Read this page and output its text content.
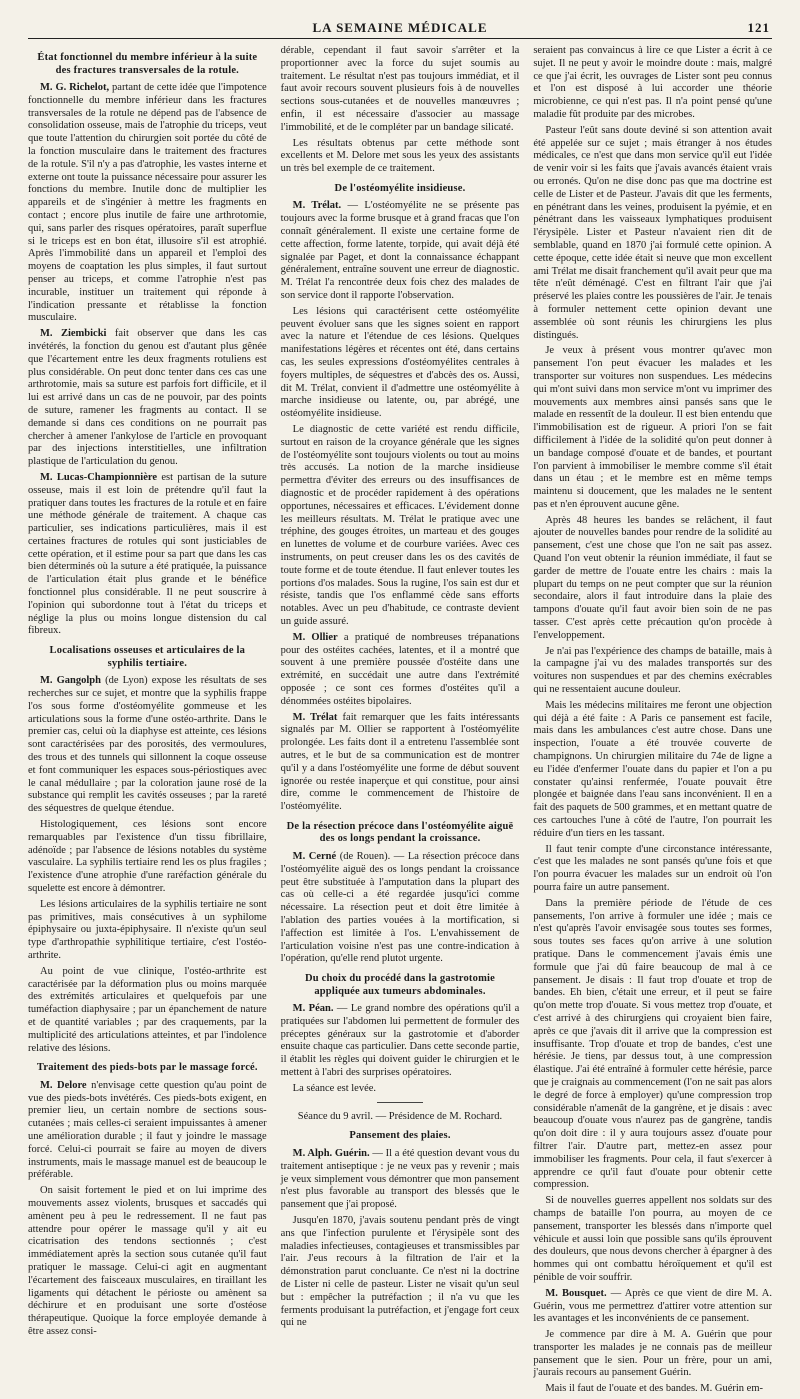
LA SEMAINE MÉDICALE	121
État fonctionnel du membre inférieur à la suite des fractures transversales de la rotule.

M. G. Richelot, partant de cette idée que l'impotence fonctionnelle du membre inférieur dans les fractures transversales de la rotule ne dépend pas de l'absence de consolidation osseuse, mais de l'atrophie du triceps, veut que toute l'attention du chirurgien soit portée du côté de la fonction musculaire dans le traitement des fractures de la rotule. S'il n'y a pas d'atrophie, les vastes interne et externe ont toute la puissance nécessaire pour assurer les fonctions du membre. Inutile donc de multiplier les appareils et de s'ingénier à mettre les fragments en contact ; encore plus inutile de faire une arthrotomie, qui, sans parler des risques opératoires, paraît superflue si le triceps est en bon état, illusoire s'il est atrophié. Après l'immobilité dans un appareil et l'emploi des moyens de coaptation les plus simples, il faut surtout penser au triceps, et comme l'atrophie n'est pas incurable, instituer un traitement qui réponde à l'indication pressante et rétablisse la fonction musculaire.

M. Ziembicki fait observer que dans les cas invétérés, la fonction du genou est d'autant plus gênée que l'écartement entre les deux fragments rotuliens est plus considérable. On peut donc tenter dans ces cas une arthrotomie, mais sa suture est parfois fort difficile, et il lui est arrivé dans un cas de ne pouvoir, par des points de suture, ramener les fragments au contact. Il se demande si dans ces conditions on ne pourrait pas chercher à amener l'ankylose de l'article en provoquant par des injections interstitielles, une infiltration plastique de l'articulation du genou.

M. Lucas-Championnière est partisan de la suture osseuse, mais il est loin de prétendre qu'il faut la pratiquer dans toutes les fractures de la rotule et en faire une méthode générale de traitement. A chaque cas particulier, ses indications particulières, mais il est certaines fractures de rotules qui sont justiciables de cette opération, et il estime pour sa part que dans les cas bien déterminés où la suture a été pratiquée, la puissance de l'articulation était plus grande et le bénéfice fonctionnel plus considérable. Il ne peut souscrire à l'opinion qui subordonne tout à l'état du triceps et néglige la plus ou moins longue distension du cal fibreux.

Localisations osseuses et articulaires de la syphilis tertiaire.

M. Gangolph (de Lyon) expose les résultats de ses recherches sur ce sujet, et montre que la syphilis frappe l'os sous forme d'ostéomyélite gommeuse et les articulations sous la forme d'une ostéo-arthrite. Dans le premier cas, celui où la diaphyse est atteinte, ces lésions sont caractérisées par des porosités, des vermoulures, des trous et des tunnels qui sillonnent la coque osseuse et font communiquer les espaces sous-périostiques avec le canal médullaire ; par la coloration jaune rosé de la substance qui remplit les cavités osseuses ; par la rareté des séquestres de quelque étendue.

Histologiquement, ces lésions sont encore remarquables par l'existence d'un tissu fibrillaire, adénoïde ; par l'absence de lésions notables du système vasculaire. La syphilis tertiaire rend les os plus fragiles ; l'existence d'une atrophie d'une raréfaction générale du squelette est encore à démontrer.

Les lésions articulaires de la syphilis tertiaire ne sont pas primitives, mais consécutives à un syphilome épiphysaire ou juxta-épiphysaire. Il n'existe qu'un seul type d'arthropathie syphilitique tertiaire, c'est l'ostéo-arthrite.

Au point de vue clinique, l'ostéo-arthrite est caractérisée par la déformation plus ou moins marquée des extrémités articulaires et quelquefois par une tuméfaction diaphysaire ; par un épanchement de nature et de quantité variables ; par des craquements, par la multiplicité des articulations atteintes, et par l'indolence relative des lésions.

Traitement des pieds-bots par le massage forcé.

M. Delore n'envisage cette question qu'au point de vue des pieds-bots invétérés. Ces pieds-bots exigent, en premier lieu, un certain nombre de sections sous-cutanées ; mais celles-ci seraient impuissantes à amener une amélioration durable ; il faut y joindre le massage forcé. Celui-ci pourrait se faire au moyen de divers instruments, mais le massage manuel est de beaucoup le préférable.

On saisit fortement le pied et on lui imprime des mouvements assez violents, brusques et saccadés qui amènent peu à peu le redressement. Il ne faut pas attendre pour opérer le massage qu'il y ait eu cicatrisation des tendons sectionnés ; c'est immédiatement après la section sous cutanée qu'il faut pratiquer le massage. Celui-ci agit en augmentant l'écartement des faisceaux musculaires, en tiraillant les ligaments qui détachent le périoste ou amènent sa déchirure et en produisant une sorte d'ostéose thérapeutique. Quoique la force employée demande à être assez consi-

dérable, cependant il faut savoir s'arrêter et la proportionner avec la force du sujet soumis au traitement. Le résultat n'est pas toujours immédiat, et il faut avoir recours souvent plusieurs fois à de nouvelles sections sous-cutanées et de nouvelles manœuvres ; enfin, il est nécessaire d'associer au massage l'immobilité, et de le compléter par un bandage silicaté.

Les résultats obtenus par cette méthode sont excellents et M. Delore met sous les yeux des assistants un très bel exemple de ce traitement.

De l'ostéomyélite insidieuse.

M. Trélat. — L'ostéomyélite ne se présente pas toujours avec la forme brusque et à grand fracas que l'on connaît généralement. Il existe une certaine forme de cette affection, forme latente, torpide, qui avait déjà été signalée par Paget, et dont la connaissance échappant généralement, entraîne souvent une erreur de diagnostic. M. Trélat l'a rencontrée deux fois chez des malades de son service dont il rapporte l'observation.

Les lésions qui caractérisent cette ostéomyélite peuvent évoluer sans que les signes soient en rapport avec la nature et l'étendue de ces lésions. Quelques manifestations légères et récentes ont été, dans certains cas, les seules expressions d'ostéomyélites centrales à foyers multiples, de séquestres et d'abcès des os. Aussi, dit M. Trélat, convient il d'admettre une ostéomyélite à marche insidieuse ou latente, ou, par abrégé, une ostéomyélite insidieuse.

Le diagnostic de cette variété est rendu difficile, surtout en raison de la croyance générale que les signes de l'ostéomyélite sont toujours violents ou tout au moins très accusés. La notion de la marche insidieuse permettra d'éviter des erreurs ou des insuffisances de diagnostic et de procéder rapidement à des opérations opportunes, nécessaires et efficaces. L'évidement donne les meilleurs résultats. M. Trélat le pratique avec une tréphine, des gouges étroites, un marteau et des gouges en lunettes de volume et de courbure variées. Avec ces instruments, on peut creuser dans les os des cavités de toute forme et de toute étendue. Il faut enlever toutes les portions d'os malades. Sous la rugine, l'os sain est dur et résiste, tandis que l'os enflammé cède sans efforts notables. Avec un peu d'habitude, ce contraste devient un guide assuré.

M. Ollier a pratiqué de nombreuses trépanations pour des ostéites cachées, latentes, et il a montré que souvent à une première poussée d'ostéite dans une extrémité, en succédait une autre dans l'extrémité opposée ; ce sont ces formes d'ostéites qu'il a dénommées ostéites bipolaires.

M. Trélat fait remarquer que les faits intéressants signalés par M. Ollier se rapportent à l'ostéomyélite prolongée. Les faits dont il a entretenu l'assemblée sont autres, et le but de sa communication est de montrer qu'il y a dans l'ostéomyélite une forme de début souvent ignorée ou restée inaperçue et qui constitue, pour ainsi dire, comme le commencement de l'histoire de l'ostéomyélite.

De la résection précoce dans l'ostéomyélite aiguë des os longs pendant la croissance.

M. Cerné (de Rouen). — La résection précoce dans l'ostéomyélite aiguë des os longs pendant la croissance peut être substituée à l'amputation dans la plupart des cas où celle-ci a été regardée jusqu'ici comme nécessaire. La résection peut et doit être limitée à l'ablation des parties vouées à la mortification, si l'affection est limitée à l'os. L'envahissement de l'articulation voisine n'est pas une contre-indication à l'opération, qu'elle rend plutot urgente.

Du choix du procédé dans la gastrotomie appliquée aux tumeurs abdominales.

M. Péan. — Le grand nombre des opérations qu'il a pratiquées sur l'abdomen lui permettent de formuler des préceptes généraux sur la gastrotomie et d'aborder ensuite chaque cas particulier. Dans cette seconde partie, il établit les règles qui doivent guider le chirurgien et le mettent à l'abri des surprises opératoires.

La séance est levée.

Séance du 9 avril. — Présidence de M. Rochard.

Pansement des plaies.

M. Alph. Guérin. — Il a été question devant vous du traitement antiseptique : je ne veux pas y revenir ; mais je veux simplement vous démontrer que mon pansement n'est plus favorable au transport des blessés que le pansement que j'ai proposé.

Jusqu'en 1870, j'avais soutenu pendant près de vingt ans que l'infection purulente et l'érysipèle sont des maladies infectieuses, contagieuses et transmissibles par l'air. J'eus recours à la filtration de l'air et la démonstration parut concluante. Ce n'est ni la doctrine de Lister ni celle de pasteur. Lister ne visait qu'un seul but : empêcher la putréfaction ; il n'a vu que les ferments produisant la putréfaction, et j'engage fort ceux qui ne

seraient pas convaincus à lire ce que Lister a écrit à ce sujet. Il ne peut y avoir le moindre doute : mais, malgré ce que j'ai écrit, les ouvrages de Lister sont peu connus et l'on est disposé à lui accorder une théorie microbienne, ce qui n'est pas. Il n'a point pensé qu'une maladie fût produite par des microbes.

Pasteur l'eût sans doute deviné si son attention avait été appelée sur ce sujet ; mais étranger à nos études médicales, ce n'est que dans mon service qu'il eut l'idée de venir voir si les faits que j'avais avancés étaient vrais ou erronés. Qu'on ne dise donc pas que ma doctrine est celle de Lister et de Pasteur. J'avais dit que les ferments, en pénétrant dans les veines, produisent la pyémie, et en pénétrant dans les vaisseaux lymphatiques produisent l'érysipèle. Lister et Pasteur n'avaient rien dit de semblable, quand en 1870 j'ai formulé cette opinion. A cette époque, cette idée était si neuve que mon excellent ami Trélat me disait franchement qu'il avait peur que ma tête n'eût déménagé. C'est en filtrant l'air que j'ai préservé les plaies contre les poussières de l'air. Je tenais à formuler nettement cette opinion devant une assemblée où sont réunis les chirurgiens les plus distingués.

Je veux à présent vous montrer qu'avec mon pansement l'on peut évacuer les malades et les transporter sur voitures non suspendues. Les médecins qui m'ont suivi dans mon service m'ont vu imprimer des mouvements aux membres ainsi pansés sans que le malade en ressentît de la douleur. Il est bien entendu que l'immobilisation est de rigueur. A priori l'on se fait difficilement à l'idée de la solidité qu'on peut donner à un bandage composé d'ouate et de bandes, et pourtant l'on parvient à immobiliser le membre comme s'il était dans un étau ; et le membre est en même temps maintenu si doucement, que les malades ne le sentent pas et n'en éprouvent aucune gêne.

Après 48 heures les bandes se relâchent, il faut ajouter de nouvelles bandes pour rendre de la solidité au pansement, c'est une chose que l'on ne sait pas assez. Quand l'on veut obtenir la réunion immédiate, il faut se garder de mettre de l'ouate entre les chairs : mais la plupart du temps on ne peut compter que sur la réunion secondaire, alors il faut introduire dans la plaie des tampons d'ouate qu'il faut avoir bien soin de ne pas tasser. C'est après cette précaution qu'on procède à l'enveloppement.

Je n'ai pas l'expérience des champs de bataille, mais à la campagne j'ai vu des malades transportés sur des voitures non suspendues et par des chemins exécrables qui ne ressentaient aucune douleur.

Mais les médecins militaires me feront une objection qui déjà a été faite : A Paris ce pansement est facile, mais dans les ambulances c'est autre chose. Dans une inspection, l'ouate a été trouvée couverte de champignons. Un chirurgien militaire du 74e de ligne a eu l'idée d'enfermer l'ouate dans du papier et l'on a pu constater qu'ainsi renfermée, l'ouate pouvait être plongée et baignée dans l'eau sans inconvénient. Il en a fait des paquets de 500 grammes, et en mettant quatre de ces cartouches l'une à côté de l'autre, l'on pourrait les réduire d'un tiers en les tassant.

Il faut tenir compte d'une circonstance intéressante, c'est que les malades ne sont pansés qu'une fois et que l'on pourra évacuer les malades sur un endroit où l'on pourra faire un autre pansement.

Dans la première période de l'étude de ces pansements, l'on arrive à formuler une idée ; mais ce n'est qu'après l'avoir envisagée sous toutes ses formes, sous toutes ses faces qu'on arrive à une solution pratique. Dans le commencement j'avais émis une formule que j'ai dû faire beaucoup de mal à ce pansement. Je disais : Il faut trop d'ouate et trop de bandes. Eh bien, c'était une erreur, et il peut se faire qu'on mette trop d'ouate. Si vous mettez trop d'ouate, et c'est arrivé à des chirurgiens qui croyaient bien faire, après ce que j'avais dit il arrive que la compression est insuffisante. Trop d'ouate et trop de bandes, c'est une hérésie. Je tiens, par dessus tout, à une compression élastique. J'ai été entraîné à formuler cette hérésie, parce que je craignais au commencement (l'on ne sait pas alors le degré de force à employer) qu'une compression trop considérable n'amenât de la gangrène, et je disais : avec beaucoup d'ouate vous n'aurez pas de gangrène, tandis qu'on doit dire : il y aura toujours assez d'ouate pour filtrer l'air. D'autre part, mettez-en assez pour immobiliser les fragments. Pour cela, il faut s'exercer à apprendre ce qu'il faut d'ouate pour obtenir cette compression.

Si de nouvelles guerres appellent nos soldats sur des champs de bataille l'on pourra, au moyen de ce pansement, transporter les blessés dans n'importe quel véhicule et aussi loin que possible sans qu'ils éprouvent des douleurs, que nous devons chercher à épargner à des hommes qui ont combattu héroïquement et qu'il est pénible de voir souffrir.

M. Bousquet. — Après ce que vient de dire M. A. Guérin, vous me permettrez d'attirer votre attention sur les avantages et les inconvénients de ce pansement.

Je commence par dire à M. A. Guérin que pour transporter les malades je ne connais pas de meilleur pansement que le sien. Pour un frère, pour un ami, j'aurais recours au pansement Guérin.

Mais il faut de l'ouate et des bandes. M. Guérin em-
